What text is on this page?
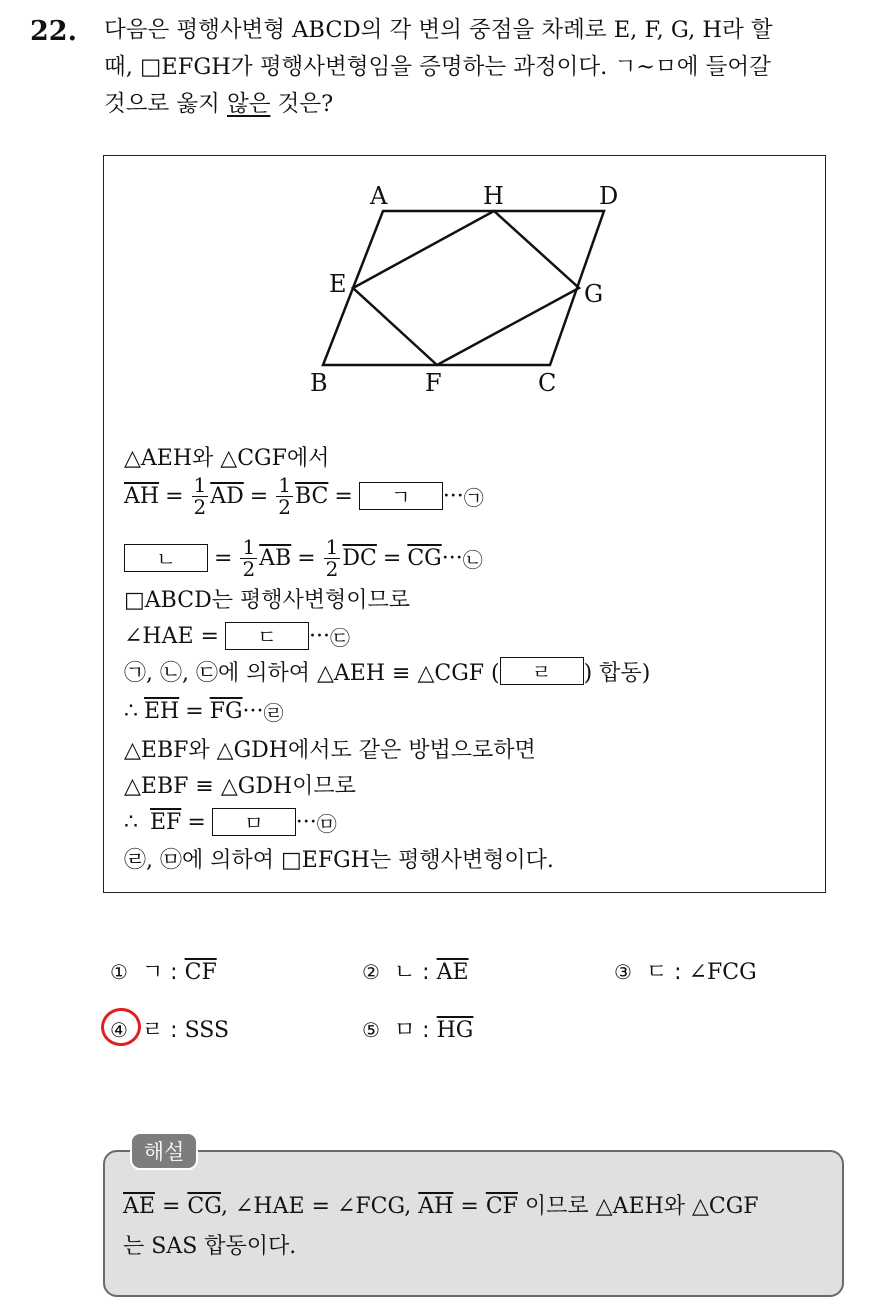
22. 다음은 평행사변형 ABCD의 각 변의 중점을 차례로 E, F, G, H라 할
때, □EFGH가 평행사변형임을 증명하는 과정이다. ㄱ~ㅁ에 들어갈
것으로 옳지 않은 것은?
A	H	D
E	G
B	F	C
△AEH와 △CGF에서
$\overline{AH} = \frac{1}{2} \overline{AD} = \frac{1}{2} \overline{BC}$ =	ㄱ	··· ㉠
ㄴ	= $\frac{1}{2} \overline{AB} = \frac{1}{2} \overline{DC} = \overline{CG}$ ··· ㉡
□ABCD는 평행사변형이므로
∠HAE =	ㄷ	··· ㉢
㉠, ㉡, ㉢에 의하여 △AEH ≡ △CGF (	ㄹ	) 합동)
∴ $\overline{EH} = \overline{FG}$ ··· ㉣
△EBF와 △GDH에서도 같은 방법으로하면
△EBF ≡ △GDH이므로
∴ $\overline{EF}$ =	ㅁ	··· ㉤
㉣, ㉤에 의하여 □EFGH는 평행사변형이다.
① ㄱ : $\overline{CF}$	② ㄴ : $\overline{AE}$	③ ㄷ : ∠FCG
④ ㄹ : SSS	⑤ ㅁ : $\overline{HG}$
해설
$\overline{AE} = \overline{CG}$, ∠HAE = ∠FCG, $\overline{AH} = \overline{CF}$ 이므로 △AEH와 △CGF
는 SAS 합동이다.
